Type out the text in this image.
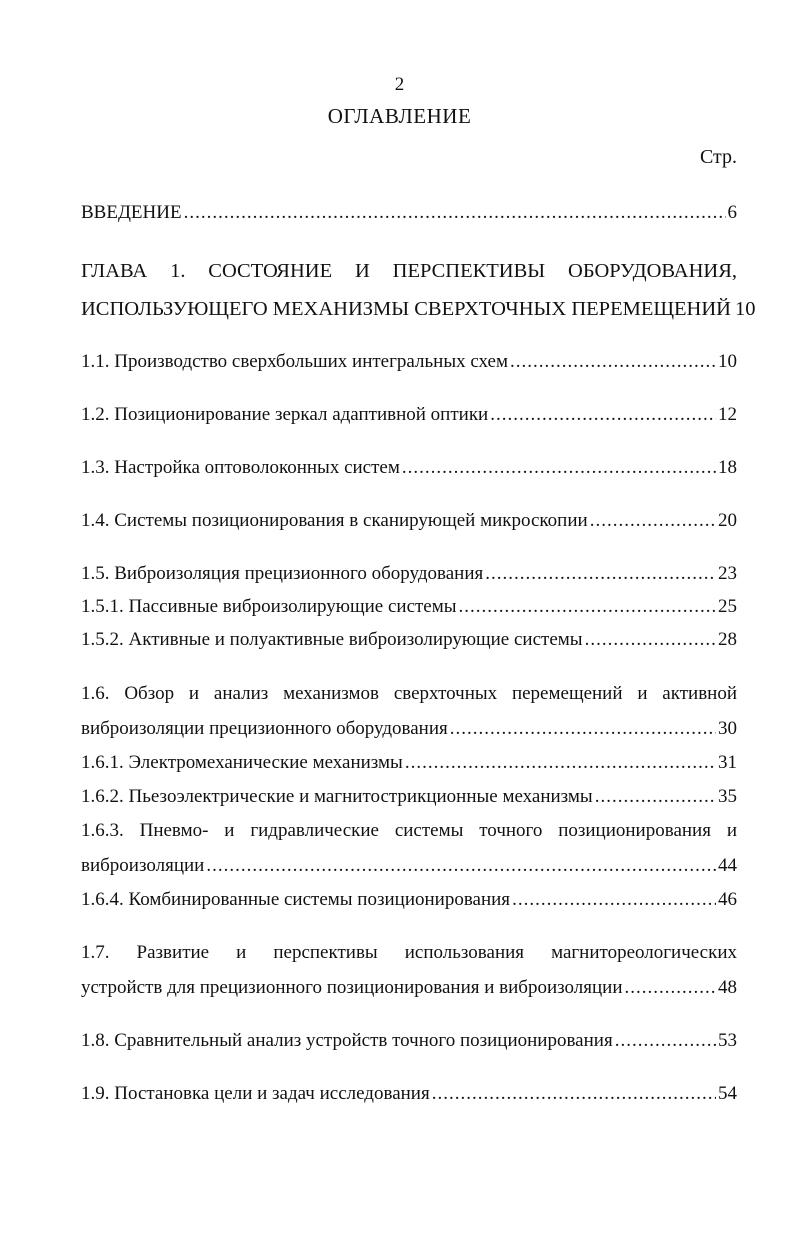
2
ОГЛАВЛЕНИЕ
Стр.
ВВЕДЕНИЕ .....	6
ГЛАВА 1. СОСТОЯНИЕ И ПЕРСПЕКТИВЫ ОБОРУДОВАНИЯ,
ИСПОЛЬЗУЮЩЕГО МЕХАНИЗМЫ СВЕРХТОЧНЫХ ПЕРЕМЕЩЕНИЙ 10
1.1. Производство сверхбольших интегральных схем .....	10
1.2. Позиционирование зеркал адаптивной оптики .....	12
1.3. Настройка оптоволоконных систем .....	18
1.4. Системы позиционирования в сканирующей микроскопии .....	20
1.5. Виброизоляция прецизионного оборудования .....	23
1.5.1. Пассивные виброизолирующие системы .....	25
1.5.2. Активные и полуактивные виброизолирующие системы .....	28
1.6. Обзор и анализ механизмов сверхточных перемещений и активной
виброизоляции прецизионного оборудования .....	30
1.6.1. Электромеханические механизмы .....	31
1.6.2. Пьезоэлектрические и магнитострикционные механизмы .....	35
1.6.3. Пневмо- и гидравлические системы точного позиционирования и
виброизоляции .....	44
1.6.4. Комбинированные системы позиционирования .....	46
1.7. Развитие и перспективы использования магнитореологических
устройств для прецизионного позиционирования и виброизоляции .....	48
1.8. Сравнительный анализ устройств точного позиционирования .....	53
1.9. Постановка цели и задач исследования .....	54
